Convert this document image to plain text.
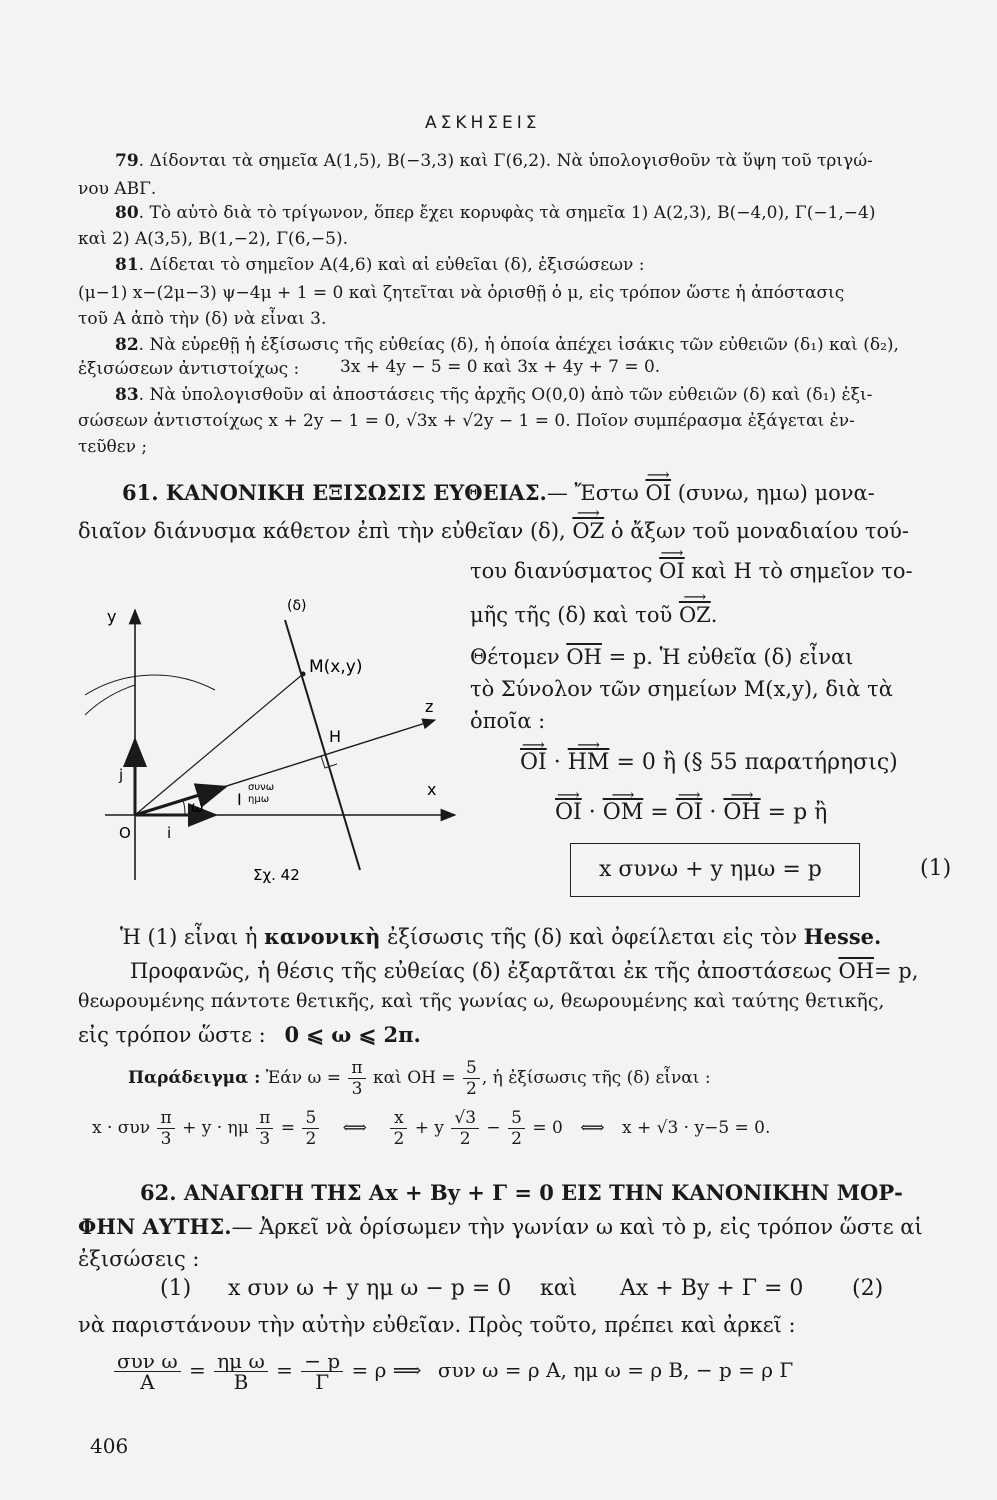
ΑΣΚΗΣΕΙΣ
79. Δίδονται τὰ σημεῖα Α(1,5), Β(−3,3) καὶ Γ(6,2). Νὰ ὑπολογισθοῦν τὰ ὕψη τοῦ τριγώ-
νου ΑΒΓ.
80. Τὸ αὐτὸ διὰ τὸ τρίγωνον, ὅπερ ἔχει κορυφὰς τὰ σημεῖα 1) Α(2,3), Β(−4,0), Γ(−1,−4)
καὶ 2) Α(3,5), Β(1,−2), Γ(6,−5).
81. Δίδεται τὸ σημεῖον Α(4,6) καὶ αἱ εὐθεῖαι (δ), ἐξισώσεων :
(μ−1) x−(2μ−3) ψ−4μ + 1 = 0 καὶ ζητεῖται νὰ ὁρισθῇ ὁ μ, εἰς τρόπον ὥστε ἡ ἀπόστασις
τοῦ Α ἀπὸ τὴν (δ) νὰ εἶναι 3.
82. Νὰ εὑρεθῇ ἡ ἐξίσωσις τῆς εὐθείας (δ), ἡ ὁποία ἀπέχει ἰσάκις τῶν εὐθειῶν (δ₁) καὶ (δ₂),
ἐξισώσεων ἀντιστοίχως : 3x + 4y − 5 = 0 καὶ 3x + 4y + 7 = 0.
83. Νὰ ὑπολογισθοῦν αἱ ἀποστάσεις τῆς ἀρχῆς Ο(0,0) ἀπὸ τῶν εὐθειῶν (δ) καὶ (δ₁) ἐξι-
σώσεων ἀντιστοίχως x + 2y − 1 = 0, √3x + √2y − 1 = 0. Ποῖον συμπέρασμα ἐξάγεται ἐν-
τεῦθεν ;
61. ΚΑΝΟΝΙΚΗ ΕΞΙΣΩΣΙΣ ΕΥΘΕΙΑΣ.— Ἔστω ⟶ $\overline{OI}$ (συνω, ημω) μονα-
διαῖον διάνυσμα κάθετον ἐπὶ τὴν εὐθεῖαν (δ), ⟶ $\overline{OZ}$ ὁ ἄξων τοῦ μοναδιαίου τού-
του διανύσματος ⟶ $\overline{OI}$ καὶ Η τὸ σημεῖον το-
μῆς τῆς (δ) καὶ τοῦ ⟶ $\overline{OZ}$.
Θέτομεν $\overline{OH} = p$. Ἡ εὐθεῖα (δ) εἶναι
τὸ Σύνολον τῶν σημείων Μ(x,y), διὰ τὰ
ὁποῖα :
⟶ $\overline{OI}$ · ⟶ $\overline{HM} = 0$ ἢ (§ 55 παρατήρησις)
⟶ $\overline{OI}$ · ⟶ $\overline{OM}$ = ⟶ $\overline{OI}$ · ⟶ $\overline{OH} = p$ ἢ
x συνω + y ημω = p	(1)
Ἡ (1) εἶναι ἡ κανονικὴ ἐξίσωσις τῆς (δ) καὶ ὀφείλεται εἰς τὸν Hesse.
Προφανῶς, ἡ θέσις τῆς εὐθείας (δ) ἐξαρτᾶται ἐκ τῆς ἀποστάσεως $\overline{OH}= p$,
θεωρουμένης πάντοτε θετικῆς, καὶ τῆς γωνίας ω, θεωρουμένης καὶ ταύτης θετικῆς,
εἰς τρόπον ὥστε : 0 ⩽ ω ⩽ 2π.
Παράδειγμα : Ἐάν $\omega = \frac{\pi}{3}$ καὶ $OH = \frac{5}{2}$ , ἡ ἐξίσωσις τῆς (δ) εἶναι :
x · συν $\frac{\pi}{3} + y \cdot \eta\mu \frac{\pi}{3} = \frac{5}{2}$ ⟺ $\frac{x}{2} + y \frac{√3}{2} - \frac{5}{2} = 0$ ⟺ x + √3 · y−5 = 0.
62. ΑΝΑΓΩΓΗ ΤΗΣ Ax + By + Γ = 0 ΕΙΣ ΤΗΝ ΚΑΝΟΝΙΚΗΝ ΜΟΡ-
ΦΗΝ ΑΥΤΗΣ.— Ἀρκεῖ νὰ ὁρίσωμεν τὴν γωνίαν ω καὶ τὸ p, εἰς τρόπον ὥστε αἱ
ἐξισώσεις :
(1) x συν ω + y ημ ω − p = 0 καὶ Ax + By + Γ = 0 (2)
νὰ παριστάνουν τὴν αὐτὴν εὐθεῖαν. Πρὸς τοῦτο, πρέπει καὶ ἀρκεῖ :
$\frac{\text{συν ω}}{A} = \frac{\text{ημ ω}}{B} = \frac{- p}{\Gamma} = \rho$ ⟹ συν ω = ρ A, ημ ω = ρ B, − p = ρ Γ
406
y
x
z
(δ)
M(x,y)
H
O
j
i
ω I
συνω
ημω
Σχ. 42
